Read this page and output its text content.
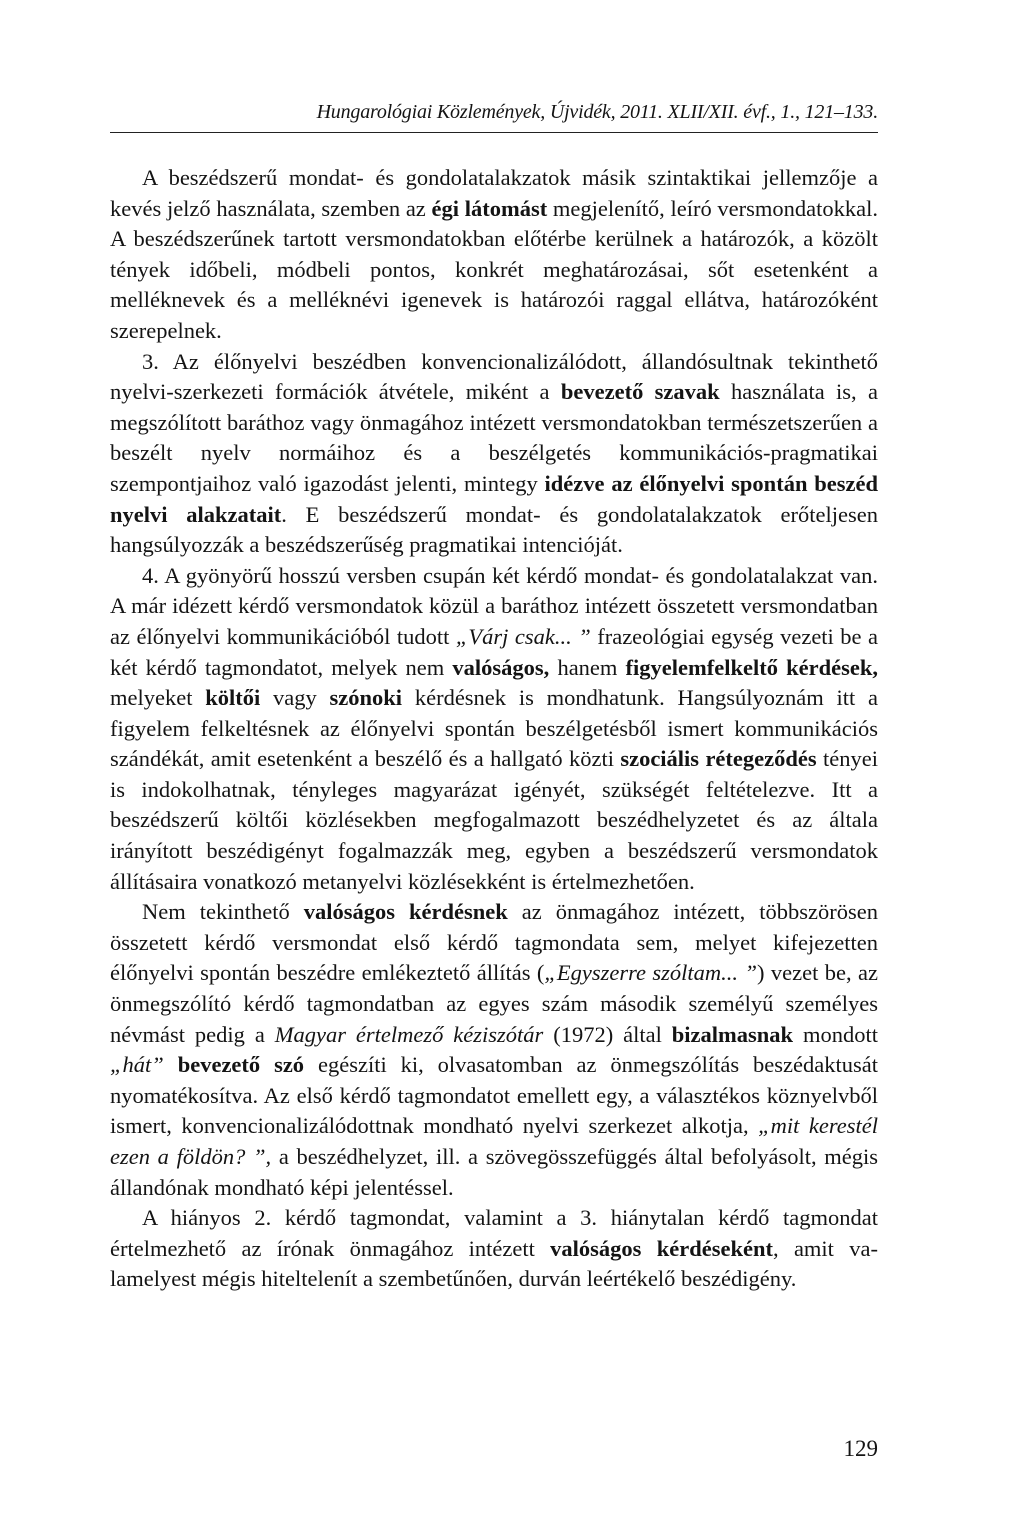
Hungarológiai Közlemények, Újvidék, 2011. XLII/XII. évf., 1., 121–133.

A beszédszerű mondat- és gondolatalakzatok másik szintaktikai jellemzője a kevés jelző használata, szemben az égi látomást megjelenítő, leíró versmondatokkal. A beszédszerűnek tartott versmondatokban előtérbe kerülnek a határozók, a közölt tények időbeli, módbeli pontos, konkrét meghatározásai, sőt esetenként a melléknevek és a melléknévi igenevek is határozói raggal ellátva, határozóként szerepelnek.

3. Az élőnyelvi beszédben konvencionalizálódott, állandósultnak tekinthető nyelvi-szerkezeti formációk átvétele, miként a bevezető szavak használata is, a megszólított baráthoz vagy önmagához intézett versmondatokban természetszerűen a beszélt nyelv normáihoz és a beszélgetés kommunikációs-pragmatikai szempontjaihoz való igazodást jelenti, mintegy idézve az élőnyelvi spontán beszéd nyelvi alakzatait. E beszédszerű mondat- és gondolatalakzatok erőteljesen hangsúlyozzák a beszédszerűség pragmatikai intencióját.

4. A gyönyörű hosszú versben csupán két kérdő mondat- és gondolatalakzat van. A már idézett kérdő versmondatok közül a baráthoz intézett összetett versmondatban az élőnyelvi kommunikációból tudott „Várj csak... ” frazeológiai egység vezeti be a két kérdő tagmondatot, melyek nem valóságos, hanem figyelemfelkeltő kérdések, melyeket költői vagy szónoki kérdésnek is mondhatunk. Hangsúlyoznám itt a figyelem felkeltésnek az élőnyelvi spontán beszélgetésből ismert kommunikációs szándékát, amit esetenként a beszélő és a hallgató közti szociális rétegeződés tényei is indokolhatnak, tényleges magyarázat igényét, szükségét feltételezve. Itt a beszédszerű költői közlésekben megfogalmazott beszédhelyzetet és az általa irányított beszédigényt fogalmazzák meg, egyben a beszédszerű versmondatok állításaira vonatkozó metanyelvi közlésekként is értelmezhetően.

Nem tekinthető valóságos kérdésnek az önmagához intézett, többszörösen összetett kérdő versmondat első kérdő tagmondata sem, melyet kifejezetten élőnyelvi spontán beszédre emlékeztető állítás („Egyszerre szóltam... ”) vezet be, az önmegszólító kérdő tagmondatban az egyes szám második személyű személyes névmást pedig a Magyar értelmező kéziszótár (1972) által bizalmasnak mondott „hát” bevezető szó egészíti ki, olvasatomban az önmegszólítás beszédaktusát nyomatékosítva. Az első kérdő tagmondatot emellett egy, a választékos köznyelvből ismert, konvencionalizálódottnak mondható nyelvi szerkezet alkotja, „mit kerestél ezen a földön? ”, a beszédhelyzet, ill. a szövegösszefüggés által befolyásolt, mégis állandónak mondható képi jelentéssel.

A hiányos 2. kérdő tagmondat, valamint a 3. hiánytalan kérdő tagmondat értelmezhető az írónak önmagához intézett valóságos kérdéseként, amit valamelyest mégis hiteltelenít a szembetűnően, durván leértékelő beszédigény.

129
